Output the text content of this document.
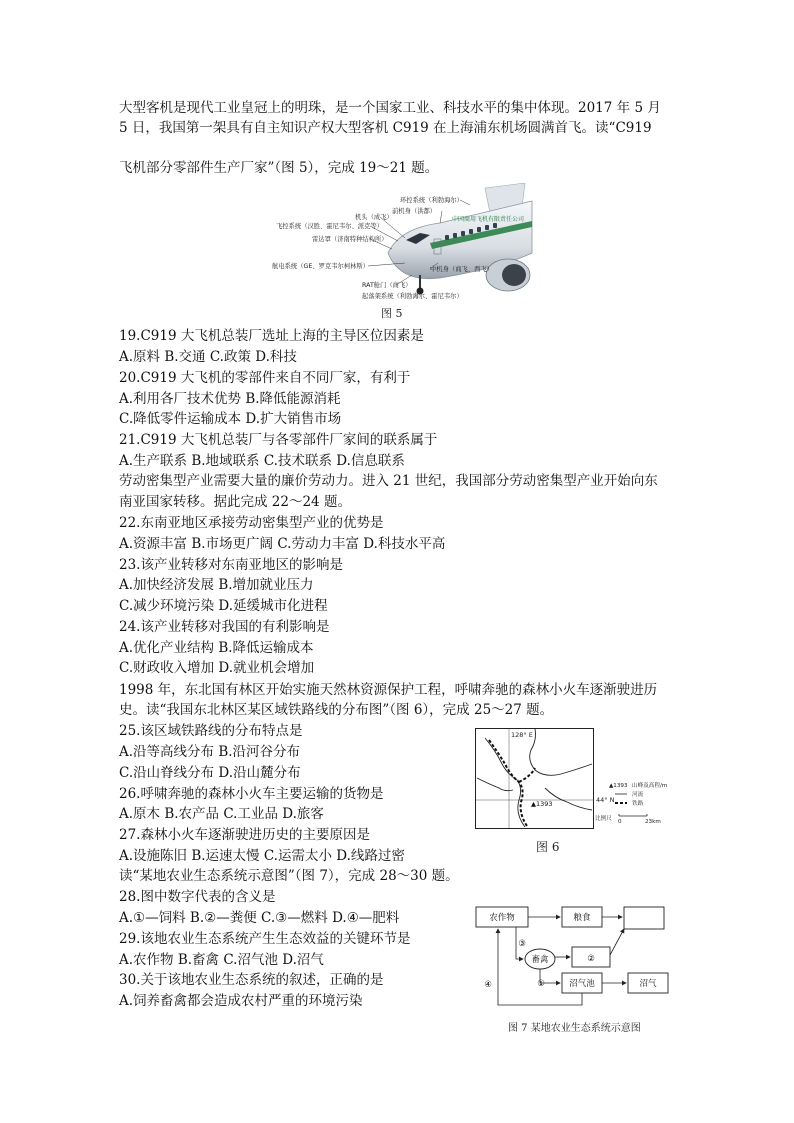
大型客机是现代工业皇冠上的明珠，是一个国家工业、科技水平的集中体现。2017 年 5 月
5 日，我国第一架具有自主知识产权大型客机 C919 在上海浦东机场圆满首飞。读“C919
飞机部分零部件生产厂家”（图 5），完成 19～21 题。
中国商用飞机有限责任公司
环控系统（利勃海尔）
前机身（洪都）
机头（成飞）
飞控系统（汉胜、霍尼韦尔、派克等）
雷达罩（济南特种结构所）
航电系统（GE、罗克韦尔柯林斯）
RAT舱门（商飞）
中机身（商飞、西飞）
起落架系统（利勃海尔、霍尼韦尔）
图 5
19.C919 大飞机总装厂选址上海的主导区位因素是
A.原料 B.交通 C.政策 D.科技
20.C919 大飞机的零部件来自不同厂家，有利于
A.利用各厂技术优势 B.降低能源消耗
C.降低零件运输成本 D.扩大销售市场
21.C919 大飞机总装厂与各零部件厂家间的联系属于
A.生产联系 B.地域联系 C.技术联系 D.信息联系
劳动密集型产业需要大量的廉价劳动力。进入 21 世纪，我国部分劳动密集型产业开始向东
南亚国家转移。据此完成 22～24 题。
22.东南亚地区承接劳动密集型产业的优势是
A.资源丰富 B.市场更广阔 C.劳动力丰富 D.科技水平高
23.该产业转移对东南亚地区的影响是
A.加快经济发展 B.增加就业压力
C.减少环境污染 D.延缓城市化进程
24.该产业转移对我国的有利影响是
A.优化产业结构 B.降低运输成本
C.财政收入增加 D.就业机会增加
1998 年，东北国有林区开始实施天然林资源保护工程，呼啸奔驰的森林小火车逐渐驶进历
史。读“我国东北林区某区域铁路线的分布图”（图 6），完成 25～27 题。
25.该区域铁路线的分布特点是
A.沿等高线分布 B.沿河谷分布
C.沿山脊线分布 D.沿山麓分布
26.呼啸奔驰的森林小火车主要运输的货物是
A.原木 B.农产品 C.工业品 D.旅客
27.森林小火车逐渐驶进历史的主要原因是
A.设施陈旧 B.运速太慢 C.运需太小 D.线路过密
128° E
44° N
▲1393
▲1393 山峰及高程/m
河流
铁路
比例尺 0	23km
图 6
读“某地农业生态系统示意图”（图 7），完成 28～30 题。
28.图中数字代表的含义是
A.①—饲料 B.②—粪便 C.③—燃料 D.④—肥料
29.该地农业生态系统产生生态效益的关键环节是
A.农作物 B.畜禽 C.沼气池 D.沼气
30.关于该地农业生态系统的叙述，正确的是
A.饲养畜禽都会造成农村严重的环境污染
农作物	粮食
畜禽	②
沼气池	沼气
③
①
④
图 7 某地农业生态系统示意图
